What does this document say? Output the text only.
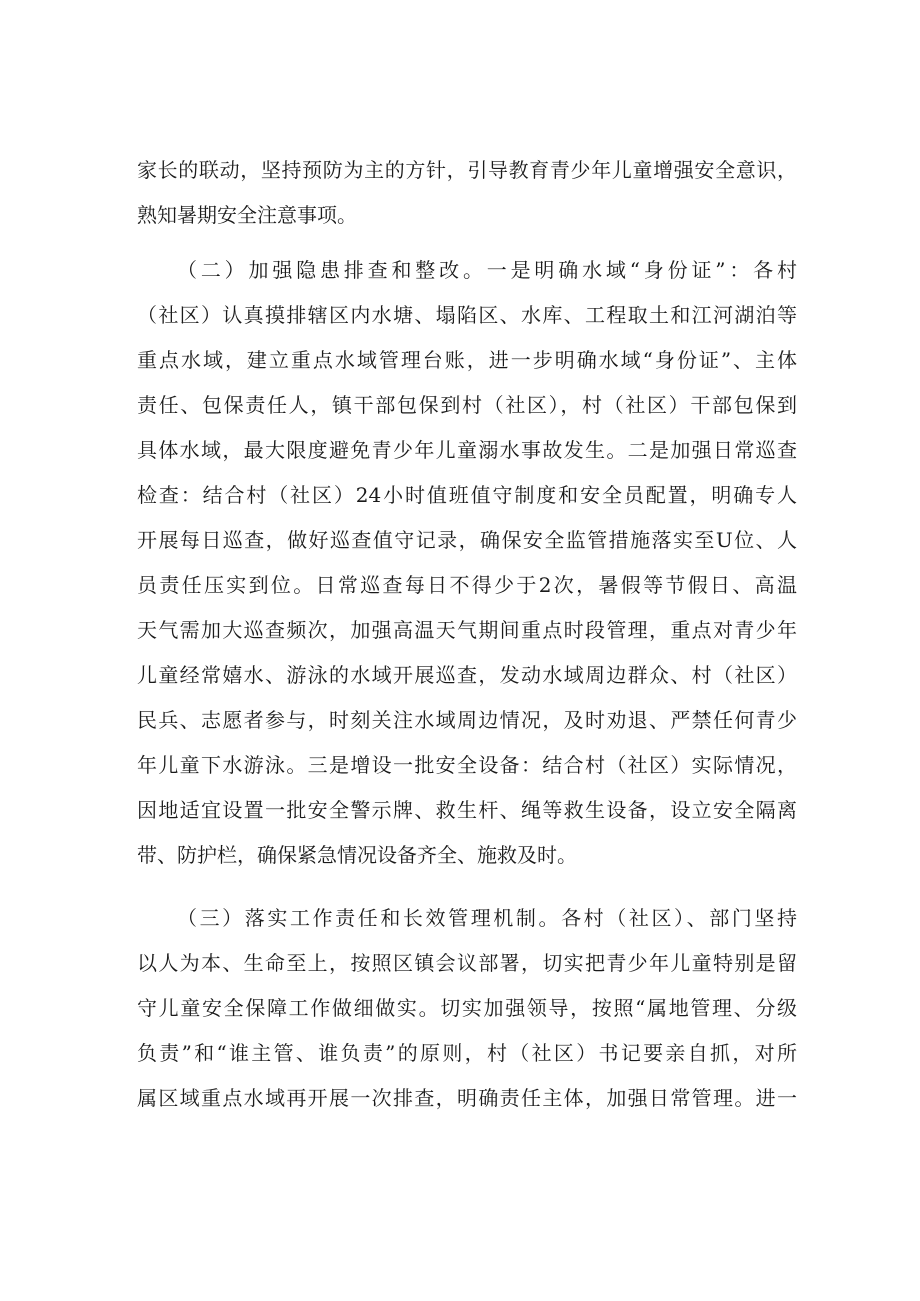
家长的联动，坚持预防为主的方针，引导教育青少年儿童增强安全意识，
熟知暑期安全注意事项。
（二）加强隐患排查和整改。一是明确水域“身份证”：各村
（社区）认真摸排辖区内水塘、塌陷区、水库、工程取土和江河湖泊等
重点水域，建立重点水域管理台账，进一步明确水域“身份证”、主体
责任、包保责任人，镇干部包保到村（社区），村（社区）干部包保到
具体水域，最大限度避免青少年儿童溺水事故发生。二是加强日常巡查
检查：结合村（社区）24小时值班值守制度和安全员配置，明确专人
开展每日巡查，做好巡查值守记录，确保安全监管措施落实至U位、人
员责任压实到位。日常巡查每日不得少于2次，暑假等节假日、高温
天气需加大巡查频次，加强高温天气期间重点时段管理，重点对青少年
儿童经常嬉水、游泳的水域开展巡查，发动水域周边群众、村（社区）
民兵、志愿者参与，时刻关注水域周边情况，及时劝退、严禁任何青少
年儿童下水游泳。三是增设一批安全设备：结合村（社区）实际情况，
因地适宜设置一批安全警示牌、救生杆、绳等救生设备，设立安全隔离
带、防护栏，确保紧急情况设备齐全、施救及时。
（三）落实工作责任和长效管理机制。各村（社区）、部门坚持
以人为本、生命至上，按照区镇会议部署，切实把青少年儿童特别是留
守儿童安全保障工作做细做实。切实加强领导，按照“属地管理、分级
负责”和“谁主管、谁负责”的原则，村（社区）书记要亲自抓，对所
属区域重点水域再开展一次排查，明确责任主体，加强日常管理。进一
